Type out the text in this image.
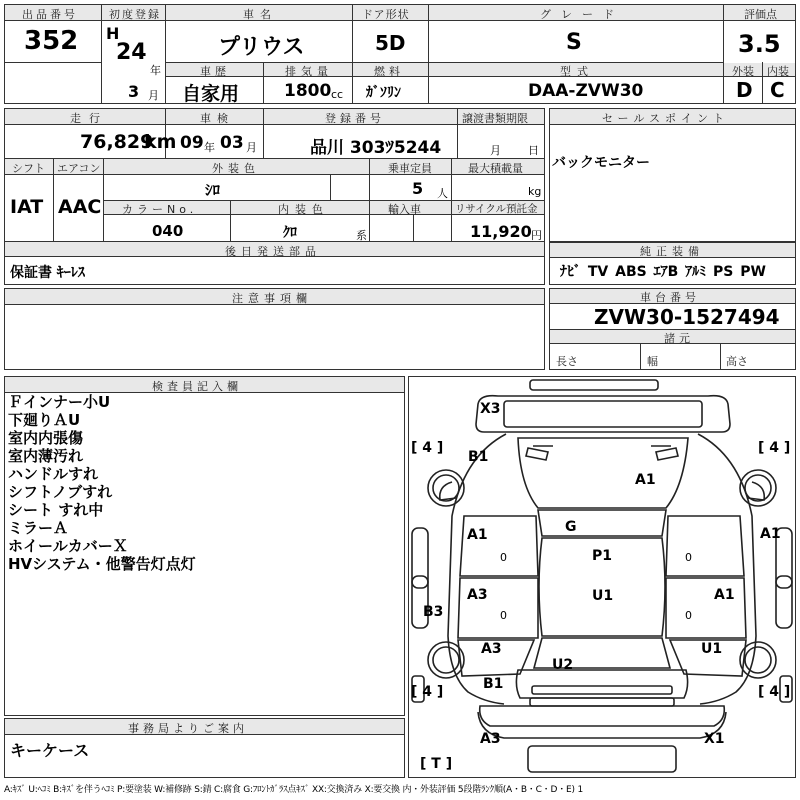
出品番号
352
初度登録
H
24
年
3 月
車名
プリウス
ドア形状
5D
グレード
S
評価点
3.5
車歴
自家用
排気量
1800 cc
燃料
ｶﾞｿﾘﾝ
型式
DAA-ZVW30
外装 内装
D C
走行
76,829
km
車検
09 年 03 月
登録番号
品川 303ﾂ5244
譲渡書類期限
月 日
シフト エアコン
IAT AAC
外装色
ｼﾛ
乗車定員
5 人
最大積載量
kg
カラーNo.
040
内装色
ｸﾛ	系
輸入車	リサイクル預託金
11,920 円
後日発送部品
保証書 ｷｰﾚｽ
セールスポイント
バックモニター
純正装備
ﾅﾋﾞ TV ABS ｴｱB ｱﾙﾐ PS PW
注意事項欄	車台番号
ZVW30-1527494
諸元
長さ	幅	高さ
検査員記入欄
Ｆインナー小U
下廻りＡU
室内内張傷
室内薄汚れ
ハンドルすれ
シフトノブすれ
シート すれ中
ミラーＡ
ホイールカバーＸ
HVシステム・他警告灯点灯
事務局よりご案内
キーケース
X3
B1
A1
A1	G	A1
P1
A3	U1	A1
B3
A3	U1
U2
B1
A3	X1
[ 4 ]	[ 4 ]
[ 4 ]	[ 4 ]
[ T ]
0	0
0	0
A:ｷｽﾞ U:ﾍｺﾐ B:ｷｽﾞを伴うﾍｺﾐ P:要塗装 W:補修跡 S:錆 C:腐食 G:ﾌﾛﾝﾄｶﾞﾗｽ点ｷｽﾞ XX:交換済み X:要交換 内・外装評価 5段階ﾗﾝｸ順(A・B・C・D・E) 1
